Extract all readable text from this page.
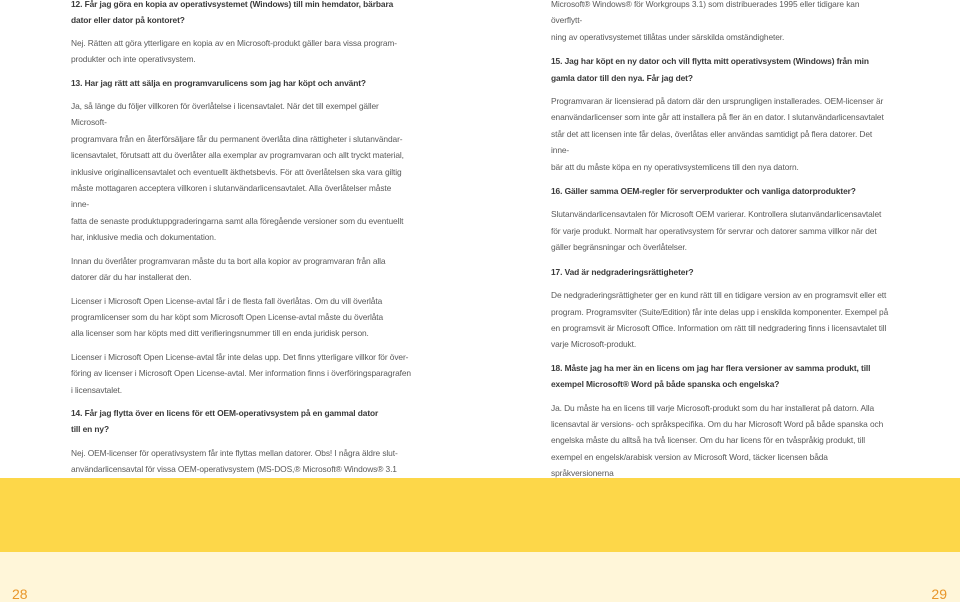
12. Får jag göra en kopia av operativsystemet (Windows) till min hemdator, bärbara
dator eller dator på kontoret?
Nej. Rätten att göra ytterligare en kopia av en Microsoft-produkt gäller bara vissa program-
produkter och inte operativsystem.
13. Har jag rätt att sälja en programvarulicens som jag har köpt och använt?
Ja, så länge du följer villkoren för överlåtelse i licensavtalet. När det till exempel gäller Microsoft-
programvara från en återförsäljare får du permanent överlåta dina rättigheter i slutanvändar-
licensavtalet, förutsatt att du överlåter alla exemplar av programvaran och allt tryckt material,
inklusive originallicensavtalet och eventuellt äkthetsbevis. För att överlåtelsen ska vara giltig
måste mottagaren acceptera villkoren i slutanvändarlicensavtalet. Alla överlåtelser måste inne-
fatta de senaste produktuppgraderingarna samt alla föregående versioner som du eventuellt
har, inklusive media och dokumentation.
Innan du överlåter programvaran måste du ta bort alla kopior av programvaran från alla
datorer där du har installerat den.
Licenser i Microsoft Open License-avtal får i de flesta fall överlåtas. Om du vill överlåta
programlicenser som du har köpt som Microsoft Open License-avtal måste du överlåta
alla licenser som har köpts med ditt verifieringsnummer till en enda juridisk person.
Licenser i Microsoft Open License-avtal får inte delas upp. Det finns ytterligare villkor för över-
föring av licenser i Microsoft Open License-avtal. Mer information finns i överföringsparagrafen
i licensavtalet.
14. Får jag flytta över en licens för ett OEM-operativsystem på en gammal dator
till en ny?
Nej. OEM-licenser för operativsystem får inte flyttas mellan datorer. Obs! I några äldre slut-
användarlicensavtal för vissa OEM-operativsystem (MS-DOS,® Microsoft® Windows® 3.1
Microsoft® Windows® för Workgroups 3.1) som distribuerades 1995 eller tidigare kan överflytt-
ning av operativsystemet tillåtas under särskilda omständigheter.
15. Jag har köpt en ny dator och vill flytta mitt operativsystem (Windows) från min
gamla dator till den nya. Får jag det?
Programvaran är licensierad på datorn där den ursprungligen installerades. OEM-licenser är
enanvändarlicenser som inte går att installera på fler än en dator. I slutanvändarlicensavtalet
står det att licensen inte får delas, överlåtas eller användas samtidigt på flera datorer. Det inne-
bär att du måste köpa en ny operativsystemlicens till den nya datorn.
16. Gäller samma OEM-regler för serverprodukter och vanliga datorprodukter?
Slutanvändarlicensavtalen för Microsoft OEM varierar. Kontrollera slutanvändarlicensavtalet
för varje produkt. Normalt har operativsystem för servrar och datorer samma villkor när det
gäller begränsningar och överlåtelser.
17. Vad är nedgraderingsrättigheter?
De nedgraderingsrättigheter ger en kund rätt till en tidigare version av en programsvit eller ett
program. Programsviter (Suite/Edition) får inte delas upp i enskilda komponenter. Exempel på
en programsvit är Microsoft Office. Information om rätt till nedgradering finns i licensavtalet till
varje Microsoft-produkt.
18. Måste jag ha mer än en licens om jag har flera versioner av samma produkt, till
exempel Microsoft® Word på både spanska och engelska?
Ja. Du måste ha en licens till varje Microsoft-produkt som du har installerat på datorn. Alla
licensavtal är versions- och språkspecifika. Om du har Microsoft Word på både spanska och
engelska måste du alltså ha två licenser. Om du har licens för en tvåspråkig produkt, till
exempel en engelsk/arabisk version av Microsoft Word, täcker licensen båda språkversionerna
28	29
